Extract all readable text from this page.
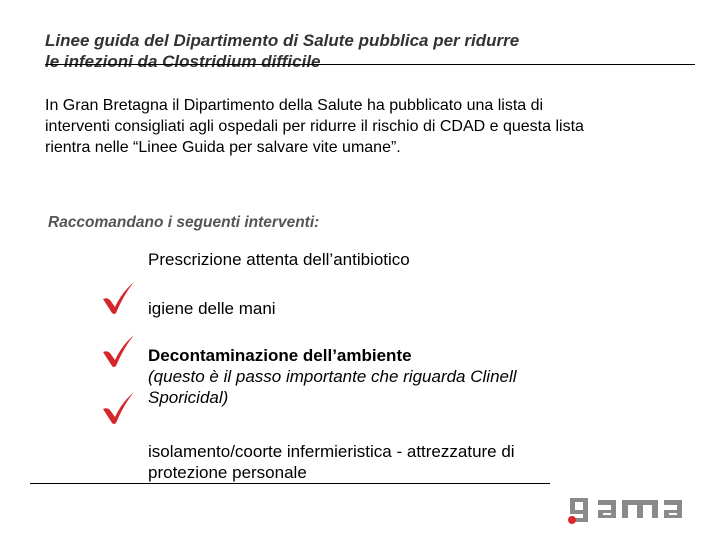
Linee guida del Dipartimento di Salute pubblica per ridurre
le infezioni da Clostridium difficile

In Gran Bretagna il Dipartimento della Salute ha pubblicato una lista di
interventi consigliati agli ospedali per ridurre il rischio di CDAD e questa lista
rientra nelle “Linee Guida per salvare vite umane”.

Raccomandano i seguenti interventi:

Prescrizione attenta dell’antibiotico

igiene delle mani

Decontaminazione dell’ambiente
(questo è il passo importante che riguarda Clinell
Sporicidal)

isolamento/coorte infermieristica - attrezzature di
protezione personale
